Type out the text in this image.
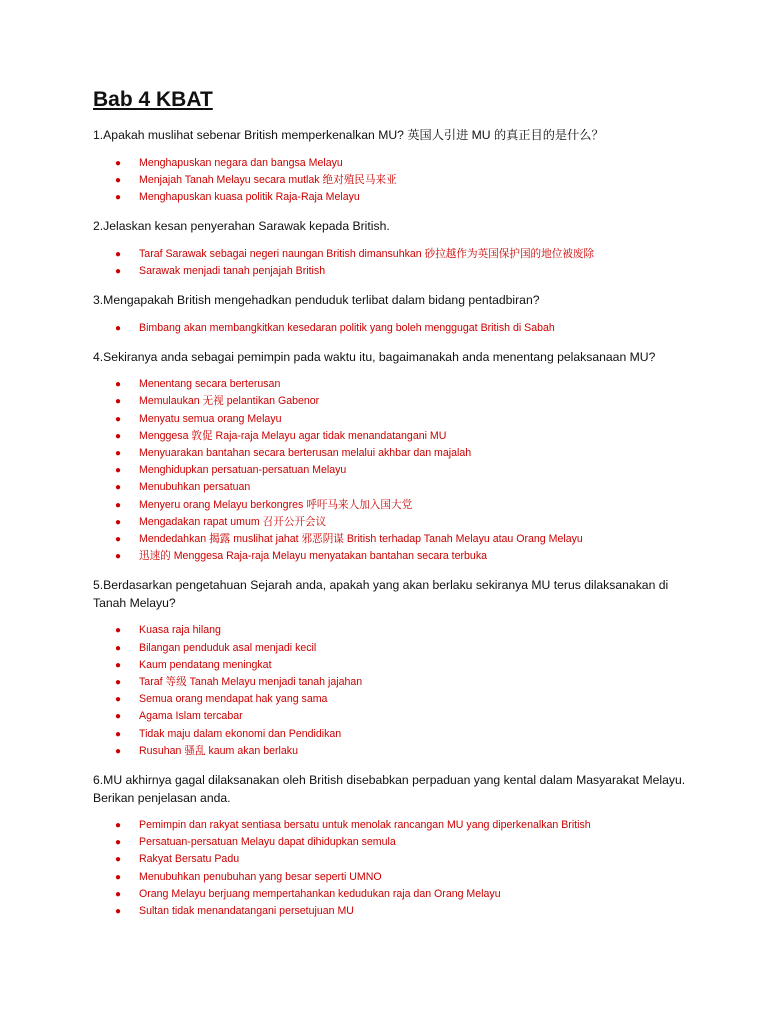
Bab 4 KBAT

1.Apakah muslihat sebenar British memperkenalkan MU? 英国人引进 MU 的真正目的是什么？

● Menghapuskan negara dan bangsa Melayu
● Menjajah Tanah Melayu secara mutlak 绝对殖民马来亚
● Menghapuskan kuasa politik Raja-Raja Melayu

2.Jelaskan kesan penyerahan Sarawak kepada British.

● Taraf Sarawak sebagai negeri naungan British dimansuhkan 砂拉越作为英国保护国的地位被废除
● Sarawak menjadi tanah penjajah British

3.Mengapakah British mengehadkan penduduk terlibat dalam bidang pentadbiran?

● Bimbang akan membangkitkan kesedaran politik yang boleh menggugat British di Sabah

4.Sekiranya anda sebagai pemimpin pada waktu itu, bagaimanakah anda menentang pelaksanaan MU?

● Menentang secara berterusan
● Memulaukan 无视 pelantikan Gabenor
● Menyatu semua orang Melayu
● Menggesa 敦促 Raja-raja Melayu agar tidak menandatangani MU
● Menyuarakan bantahan secara berterusan melalui akhbar dan majalah
● Menghidupkan persatuan-persatuan Melayu
● Menubuhkan persatuan
● Menyeru orang Melayu berkongres 呼吁马来人加入国大党
● Mengadakan rapat umum 召开公开会议
● Mendedahkan 揭露 muslihat jahat 邪恶阴谋 British terhadap Tanah Melayu atau Orang Melayu
● 迅速的 Menggesa Raja-raja Melayu menyatakan bantahan secara terbuka

5.Berdasarkan pengetahuan Sejarah anda, apakah yang akan berlaku sekiranya MU terus dilaksanakan di Tanah Melayu?

● Kuasa raja hilang
● Bilangan penduduk asal menjadi kecil
● Kaum pendatang meningkat
● Taraf 等级 Tanah Melayu menjadi tanah jajahan
● Semua orang mendapat hak yang sama
● Agama Islam tercabar
● Tidak maju dalam ekonomi dan Pendidikan
● Rusuhan 骚乱 kaum akan berlaku

6.MU akhirnya gagal dilaksanakan oleh British disebabkan perpaduan yang kental dalam Masyarakat Melayu. Berikan penjelasan anda.

● Pemimpin dan rakyat sentiasa bersatu untuk menolak rancangan MU yang diperkenalkan British
● Persatuan-persatuan Melayu dapat dihidupkan semula
● Rakyat Bersatu Padu
● Menubuhkan penubuhan yang besar seperti UMNO
● Orang Melayu berjuang mempertahankan kedudukan raja dan Orang Melayu
● Sultan tidak menandatangani persetujuan MU
